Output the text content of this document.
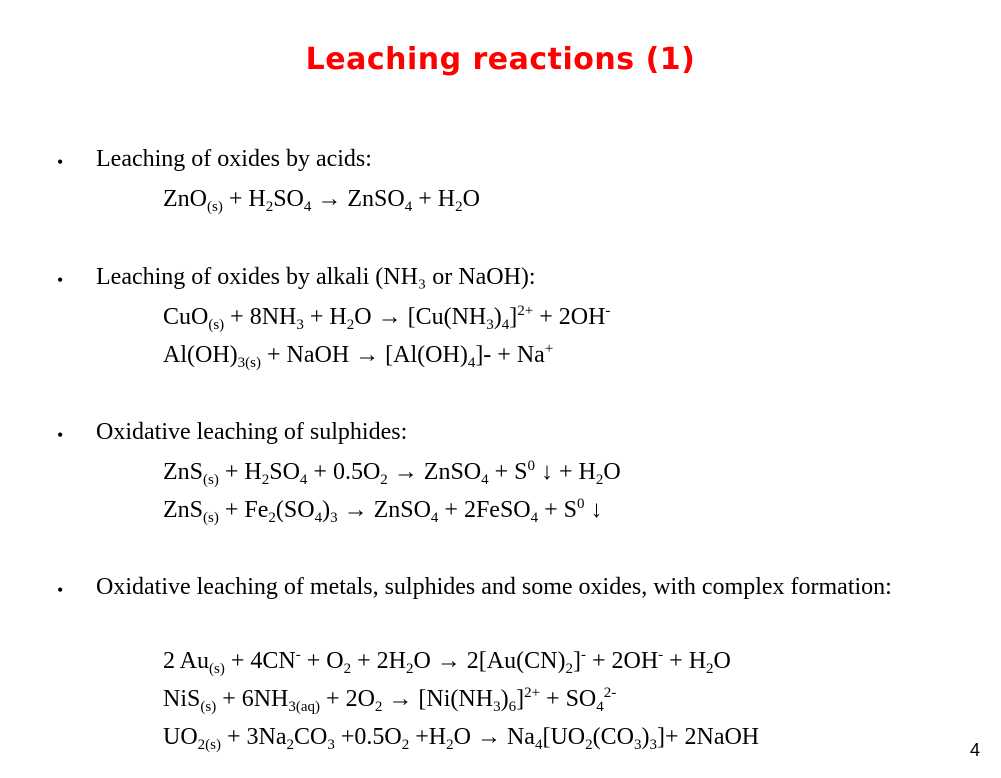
Leaching reactions (1)
• Leaching of oxides by acids:
$ZnO_{(s)} + H_2SO_4$ → ZnSO$_4$ + $H_2O$
• Leaching of oxides by alkali (NH₃ or NaOH):
$CuO_{(s)} + 8NH_3 + H_2O \to [Cu(NH_3)_4]^{2+} + 2OH^-$
$Al(OH)_{3(s)}$ + NaOH → $[Al(OH)_4]- + Na^+$
• Oxidative leaching of sulphides:
$ZnS_{(s)} + H_2SO_4 + 0.5O_2$ → ZnSO$_4$ + $S^0$ ↓ + $H_2O$
$ZnS_{(s)} + Fe_2(SO_4)_3$ → ZnSO$_4$ + 2FeSO$_4$ + $S^0$ ↓
• Oxidative leaching of metals, sulphides and some oxides, with complex formation:
2 $Au_{(s)} + 4CN^- + O_2 + 2H_2O \to 2[Au(CN)_2]^- + 2OH^- + H_2O$
$NiS_{(s)} + 6NH_{3(aq)} + 2O_2 \to [Ni(NH_3)_6]^{2+} + SO_4^{2-}$
$UO_{2(s)} + 3Na_2CO_3 +0.5O_2 +H_2O \to Na_4[UO_2(CO_3)_3]+$ 2NaOH	4
